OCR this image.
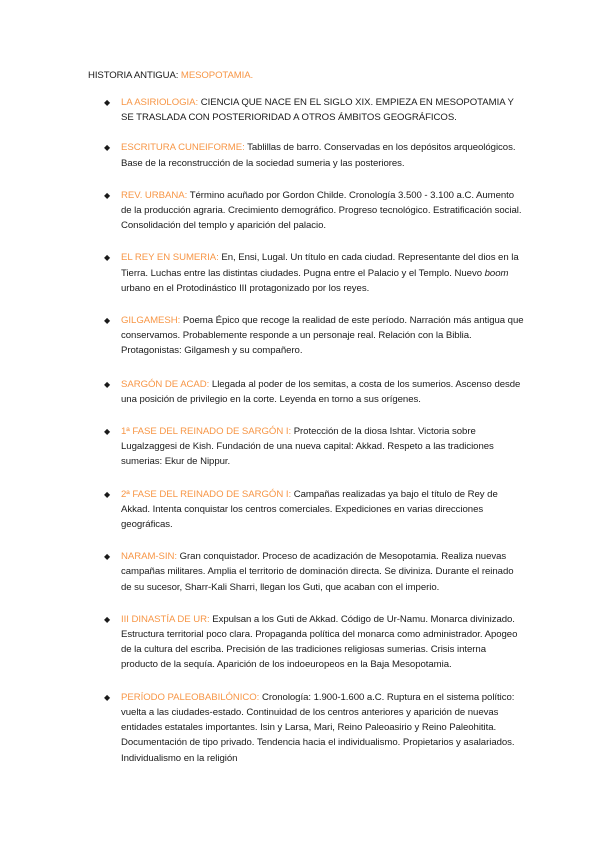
HISTORIA ANTIGUA: MESOPOTAMIA.
◆ LA ASIRIOLOGIA: CIENCIA QUE NACE EN EL SIGLO XIX. EMPIEZA EN MESOPOTAMIA Y SE TRASLADA CON POSTERIORIDAD A OTROS ÁMBITOS GEOGRÁFICOS.
◆ ESCRITURA CUNEIFORME: Tablillas de barro. Conservadas en los depósitos arqueológicos. Base de la reconstrucción de la sociedad sumeria y las posteriores.
◆ REV. URBANA: Término acuñado por Gordon Childe. Cronología 3.500 - 3.100 a.C. Aumento de la producción agraria. Crecimiento demográfico. Progreso tecnológico. Estratificación social. Consolidación del templo y aparición del palacio.
◆ EL REY EN SUMERIA: En, Ensi, Lugal. Un título en cada ciudad. Representante del dios en la Tierra. Luchas entre las distintas ciudades. Pugna entre el Palacio y el Templo. Nuevo boom urbano en el Protodinástico III protagonizado por los reyes.
◆ GILGAMESH: Poema Épico que recoge la realidad de este período. Narración más antigua que conservamos. Probablemente responde a un personaje real. Relación con la Biblia. Protagonistas: Gilgamesh y su compañero.
◆ SARGÓN DE ACAD: Llegada al poder de los semitas, a costa de los sumerios. Ascenso desde una posición de privilegio en la corte. Leyenda en torno a sus orígenes.
◆ 1ª FASE DEL REINADO DE SARGÓN I: Protección de la diosa Ishtar. Victoria sobre Lugalzaggesi de Kish. Fundación de una nueva capital: Akkad. Respeto a las tradiciones sumerias: Ekur de Nippur.
◆ 2ª FASE DEL REINADO DE SARGÓN I: Campañas realizadas ya bajo el título de Rey de Akkad. Intenta conquistar los centros comerciales. Expediciones en varias direcciones geográficas.
◆ NARAM-SIN: Gran conquistador. Proceso de acadización de Mesopotamia. Realiza nuevas campañas militares. Amplia el territorio de dominación directa. Se diviniza. Durante el reinado de su sucesor, Sharr-Kali Sharri, llegan los Guti, que acaban con el imperio.
◆ III DINASTÍA DE UR: Expulsan a los Guti de Akkad. Código de Ur-Namu. Monarca divinizado. Estructura territorial poco clara. Propaganda política del monarca como administrador. Apogeo de la cultura del escriba. Precisión de las tradiciones religiosas sumerias. Crisis interna producto de la sequía. Aparición de los indoeuropeos en la Baja Mesopotamia.
◆ PERÍODO PALEOBABILÓNICO: Cronología: 1.900-1.600 a.C. Ruptura en el sistema político: vuelta a las ciudades-estado. Continuidad de los centros anteriores y aparición de nuevas entidades estatales importantes. Isin y Larsa, Mari, Reino Paleoasirio y Reino Paleohitita. Documentación de tipo privado. Tendencia hacia el individualismo. Propietarios y asalariados. Individualismo en la religión
